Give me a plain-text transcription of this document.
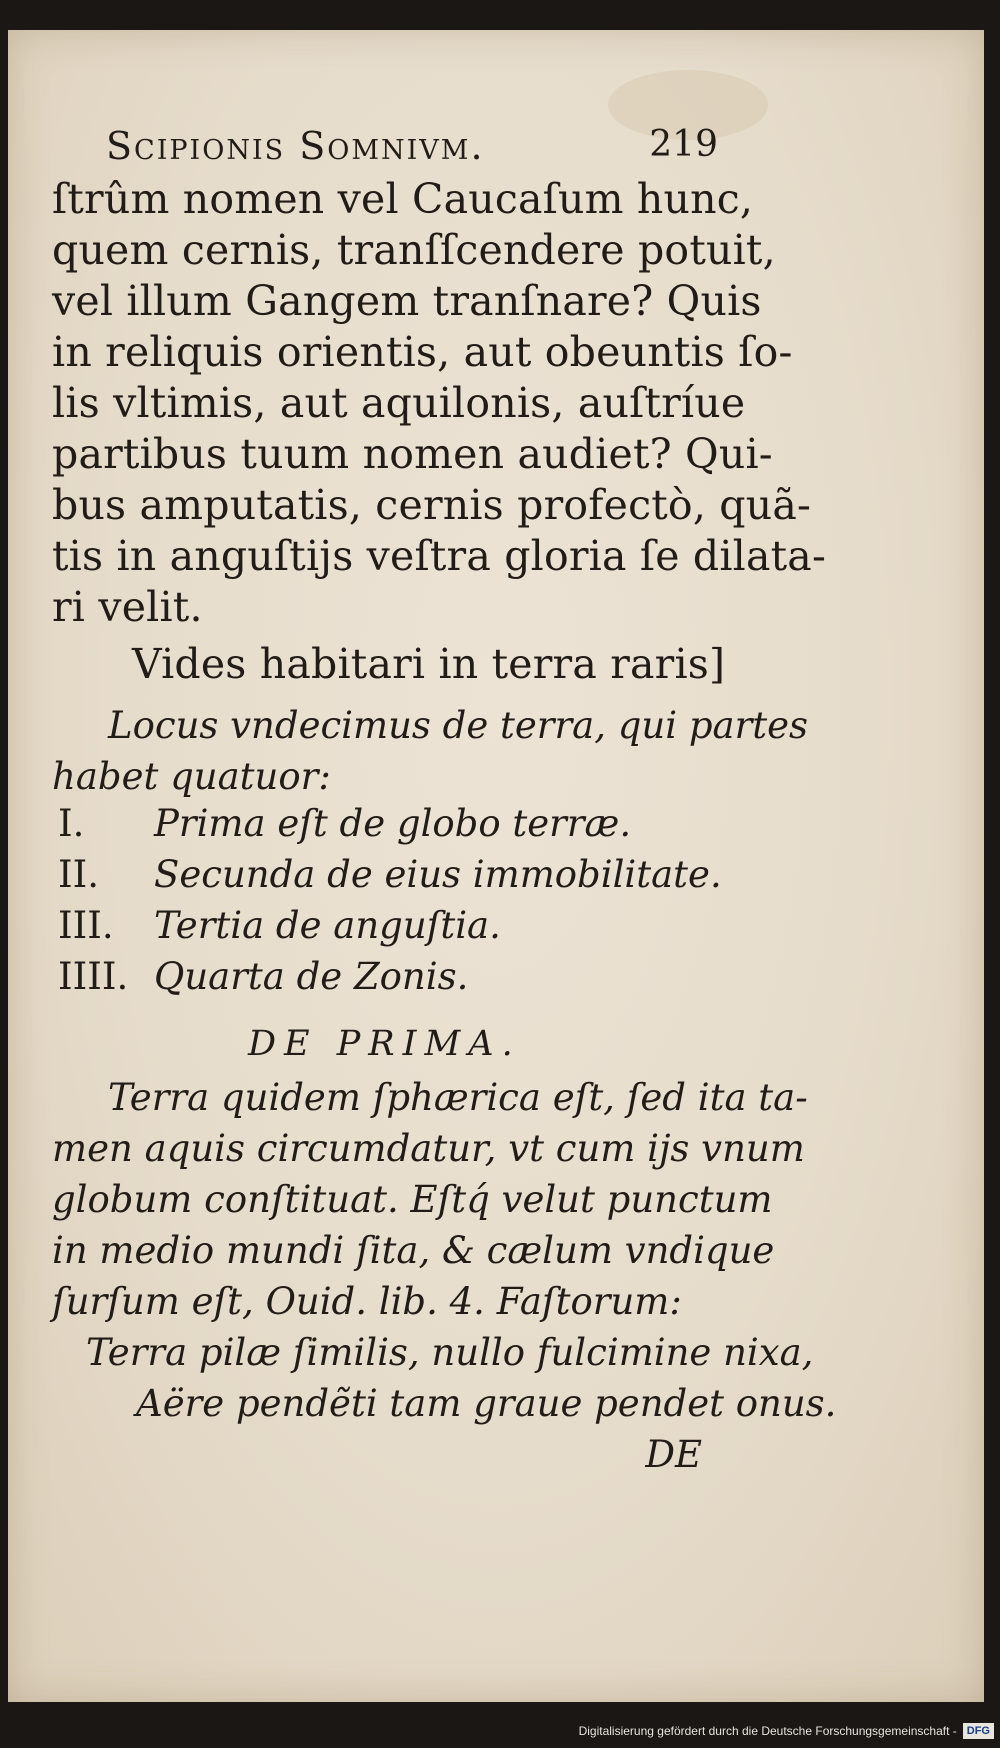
Scipionis Somnivm.	219
ſtrûm nomen vel Caucaſum hunc,
quem cernis, tranſſcendere potuit,
vel illum Gangem tranſnare? Quis
in reliquis orientis, aut obeuntis ſo-
lis vltimis, aut aquilonis, auſtríue
partibus tuum nomen audiet? Qui-
bus amputatis, cernis profectò, quã-
tis in anguſtijs veſtra gloria ſe dilata-
ri velit.
Vides habitari in terra raris]
Locus vndecimus de terra, qui partes
habet quatuor:
I.	Prima eſt de globo terræ.
II.	Secunda de eius immobilitate.
III.	Tertia de anguſtia.
IIII. Quarta de Zonis.
DE PRIMA.
Terra quidem ſphærica eſt, ſed ita ta-
men aquis circumdatur, vt cum ijs vnum
globum conſtituat. Eſtq́ velut punctum
in medio mundi ſita, & cælum vndique
ſurſum eſt, Ouid. lib. 4. Faſtorum:
Terra pilæ ſimilis, nullo fulcimine nixa,
Aëre pendẽti tam graue pendet onus.
DE
Digitalisierung gefördert durch die Deutsche Forschungsgemeinschaft - DFG
